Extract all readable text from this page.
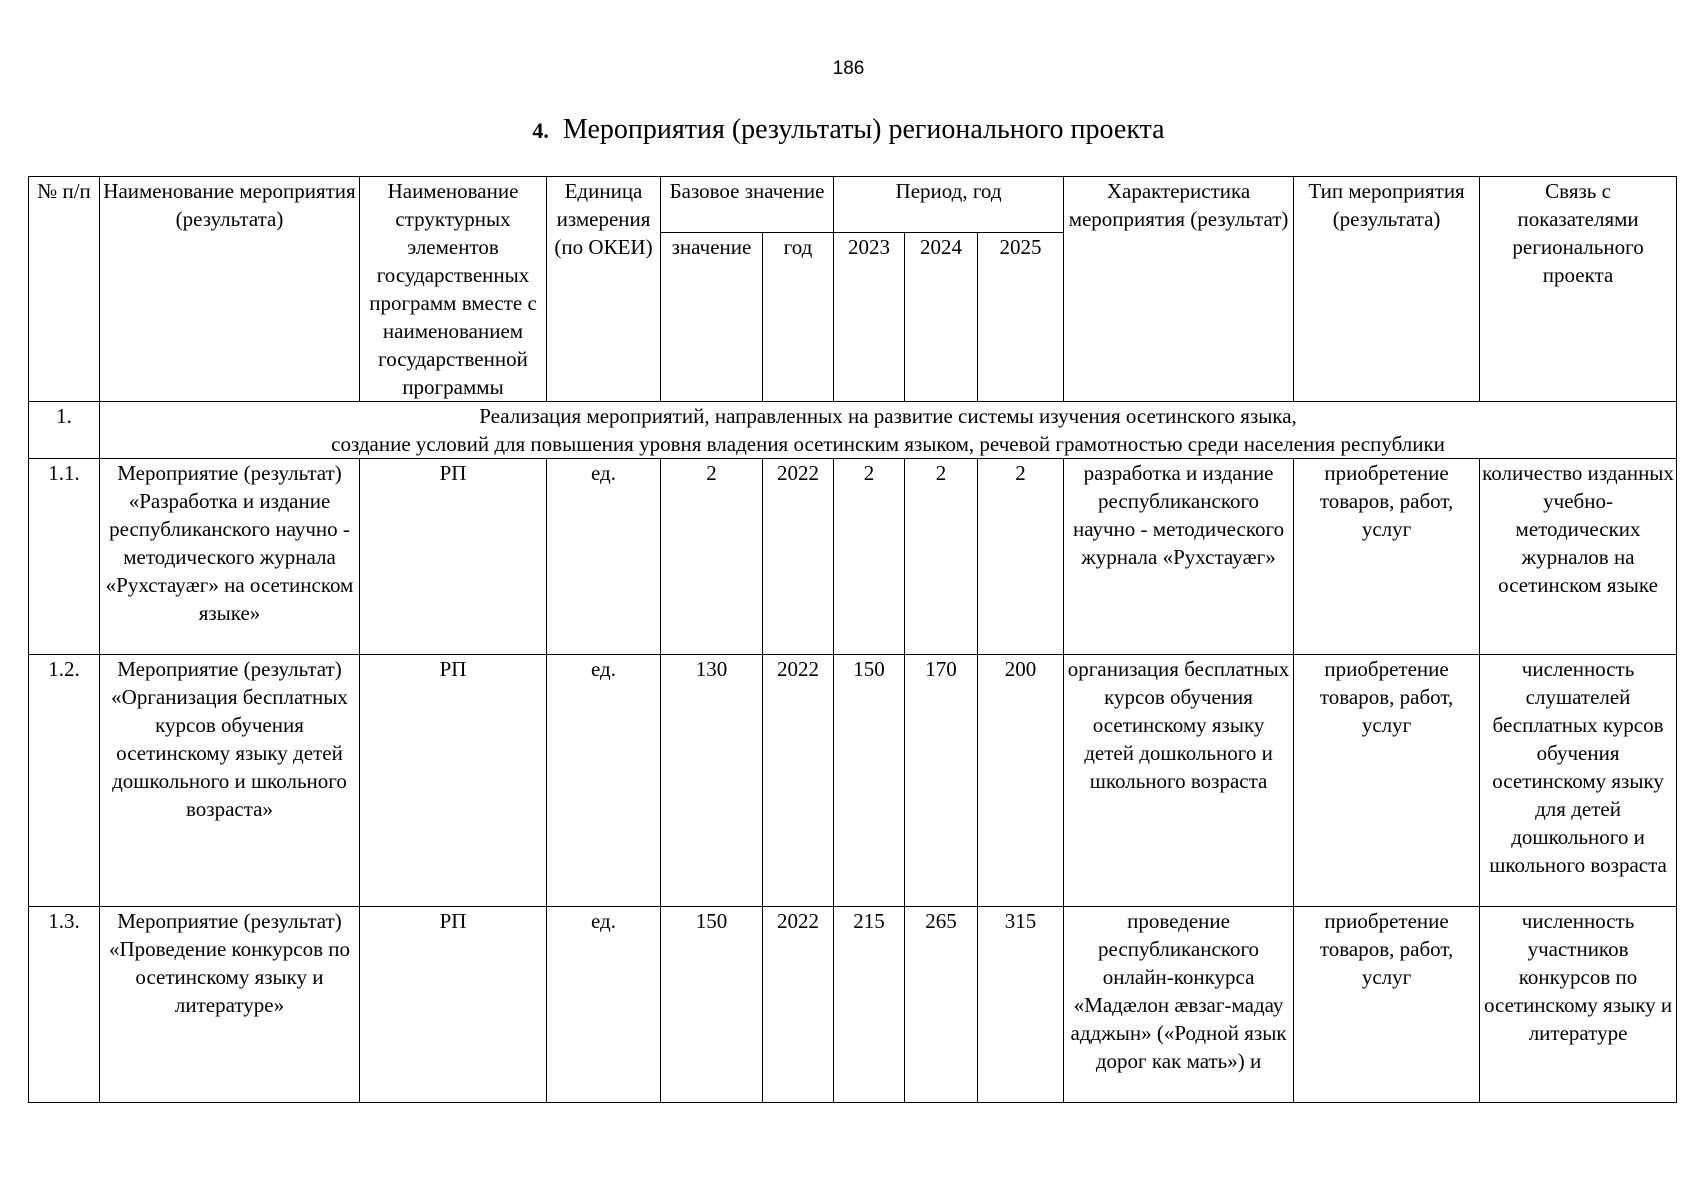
186
4. Мероприятия (результаты) регионального проекта
№ п/п	Наименование мероприятия (результата)	Наименование структурных элементов государственных программ вместе с наименованием государственной программы	Единица измерения (по ОКЕИ)	Базовое значение		Период, год			Характеристика мероприятия (результат)	Тип мероприятия (результата)	Связь с показателями регионального проекта
				значение	год	2023	2024	2025			
1.	Реализация мероприятий, направленных на развитие системы изучения осетинского языка,
создание условий для повышения уровня владения осетинским языком, речевой грамотностью среди населения республики										

1.1.	Мероприятие (результат) «Разработка и издание республиканского научно - методического журнала «Рухстауæг» на осетинском языке»	РП	ед.	2	2022	2	2	2	разработка и издание республиканского научно - методического журнала «Рухстауæг»	приобретение товаров, работ, услуг	количество изданных учебно-методических журналов на осетинском языке
1.2.	Мероприятие (результат) «Организация бесплатных курсов обучения осетинскому языку детей дошкольного и школьного возраста»	РП	ед.	130	2022	150	170	200	организация бесплатных курсов обучения осетинскому языку детей дошкольного и школьного возраста	приобретение товаров, работ, услуг	численность слушателей бесплатных курсов обучения осетинскому языку для детей дошкольного и школьного возраста
1.3.	Мероприятие (результат) «Проведение конкурсов по осетинскому языку и литературе»	РП	ед.	150	2022	215	265	315	проведение республиканского онлайн-конкурса «Мадæлон æвзаг-мадау адджын» («Родной язык дорог как мать») и	приобретение товаров, работ, услуг	численность участников конкурсов по осетинскому языку и литературе
